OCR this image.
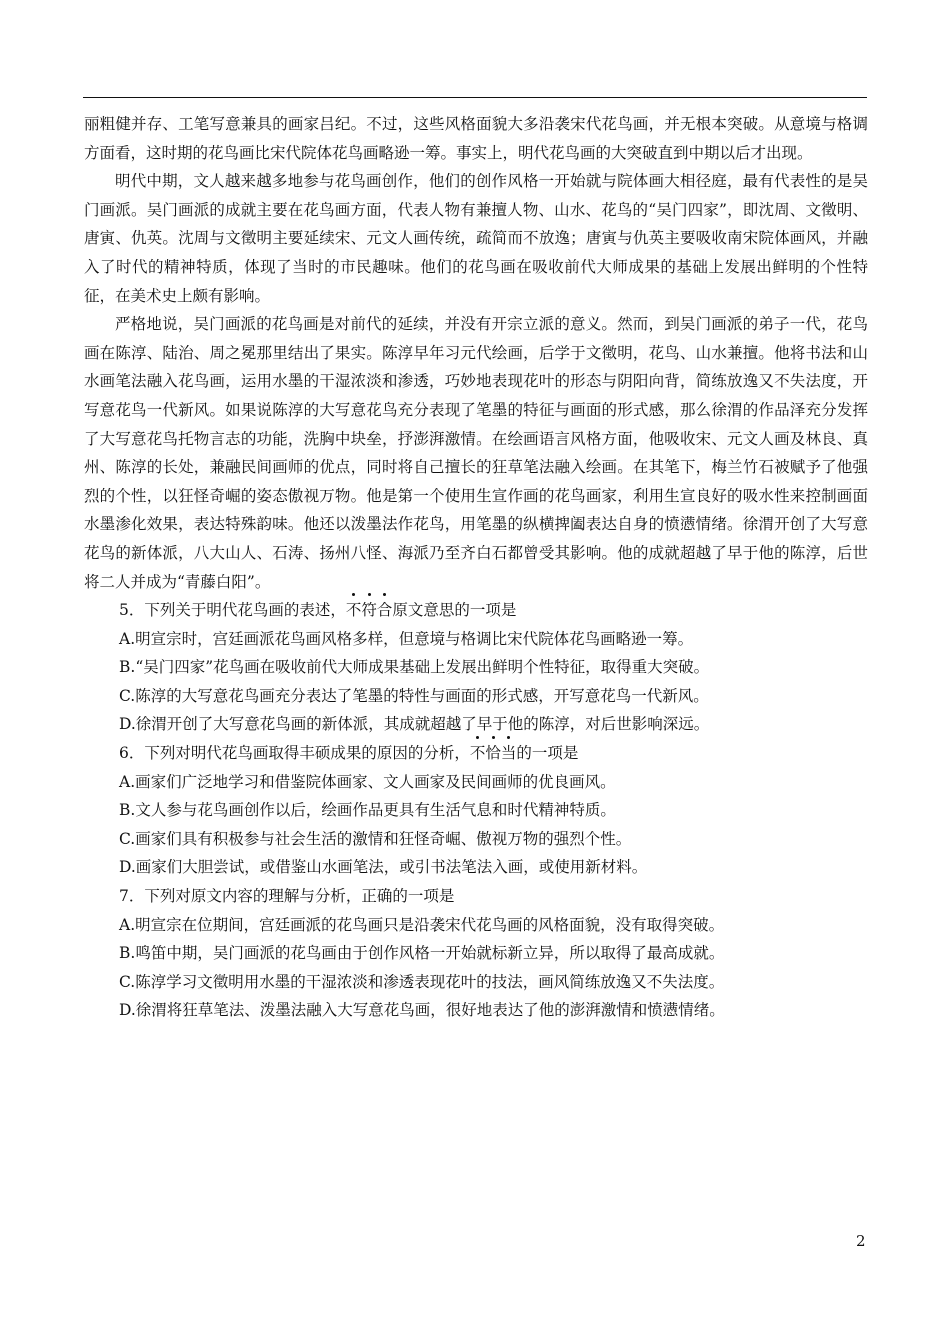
丽粗健并存、工笔写意兼具的画家吕纪。不过，这些风格面貌大多沿袭宋代花鸟画，并无根本突破。从意境与格调方面看，这时期的花鸟画比宋代院体花鸟画略逊一筹。事实上，明代花鸟画的大突破直到中期以后才出现。

明代中期，文人越来越多地参与花鸟画创作，他们的创作风格一开始就与院体画大相径庭，最有代表性的是吴门画派。吴门画派的成就主要在花鸟画方面，代表人物有兼擅人物、山水、花鸟的“吴门四家”，即沈周、文徵明、唐寅、仇英。沈周与文徵明主要延续宋、元文人画传统，疏简而不放逸；唐寅与仇英主要吸收南宋院体画风，并融入了时代的精神特质，体现了当时的市民趣味。他们的花鸟画在吸收前代大师成果的基础上发展出鲜明的个性特征，在美术史上颇有影响。

严格地说，吴门画派的花鸟画是对前代的延续，并没有开宗立派的意义。然而，到吴门画派的弟子一代，花鸟画在陈淳、陆治、周之冕那里结出了果实。陈淳早年习元代绘画，后学于文徵明，花鸟、山水兼擅。他将书法和山水画笔法融入花鸟画，运用水墨的干湿浓淡和渗透，巧妙地表现花叶的形态与阴阳向背，简练放逸又不失法度，开写意花鸟一代新风。如果说陈淳的大写意花鸟充分表现了笔墨的特征与画面的形式感，那么徐渭的作品泽充分发挥了大写意花鸟托物言志的功能，洗胸中块垒，抒澎湃激情。在绘画语言风格方面，他吸收宋、元文人画及林良、真州、陈淳的长处，兼融民间画师的优点，同时将自己擅长的狂草笔法融入绘画。在其笔下，梅兰竹石被赋予了他强烈的个性，以狂怪奇崛的姿态傲视万物。他是第一个使用生宣作画的花鸟画家，利用生宣良好的吸水性来控制画面水墨渗化效果，表达特殊韵味。他还以泼墨法作花鸟，用笔墨的纵横捭阖表达自身的愤懑情绪。徐渭开创了大写意花鸟的新体派，八大山人、石涛、扬州八怪、海派乃至齐白石都曾受其影响。他的成就超越了早于他的陈淳，后世将二人并成为“青藤白阳”。

5．下列关于明代花鸟画的表述，不符合原文意思的一项是

A.明宣宗时，宫廷画派花鸟画风格多样，但意境与格调比宋代院体花鸟画略逊一筹。

B.“吴门四家”花鸟画在吸收前代大师成果基础上发展出鲜明个性特征，取得重大突破。

C.陈淳的大写意花鸟画充分表达了笔墨的特性与画面的形式感，开写意花鸟一代新风。

D.徐渭开创了大写意花鸟画的新体派，其成就超越了早于他的陈淳，对后世影响深远。

6．下列对明代花鸟画取得丰硕成果的原因的分析，不恰当的一项是

A.画家们广泛地学习和借鉴院体画家、文人画家及民间画师的优良画风。

B.文人参与花鸟画创作以后，绘画作品更具有生活气息和时代精神特质。

C.画家们具有积极参与社会生活的激情和狂怪奇崛、傲视万物的强烈个性。

D.画家们大胆尝试，或借鉴山水画笔法，或引书法笔法入画，或使用新材料。

7．下列对原文内容的理解与分析，正确的一项是

A.明宣宗在位期间，宫廷画派的花鸟画只是沿袭宋代花鸟画的风格面貌，没有取得突破。

B.鸣笛中期，吴门画派的花鸟画由于创作风格一开始就标新立异，所以取得了最高成就。

C.陈淳学习文徵明用水墨的干湿浓淡和渗透表现花叶的技法，画风简练放逸又不失法度。

D.徐渭将狂草笔法、泼墨法融入大写意花鸟画，很好地表达了他的澎湃激情和愤懑情绪。

2
